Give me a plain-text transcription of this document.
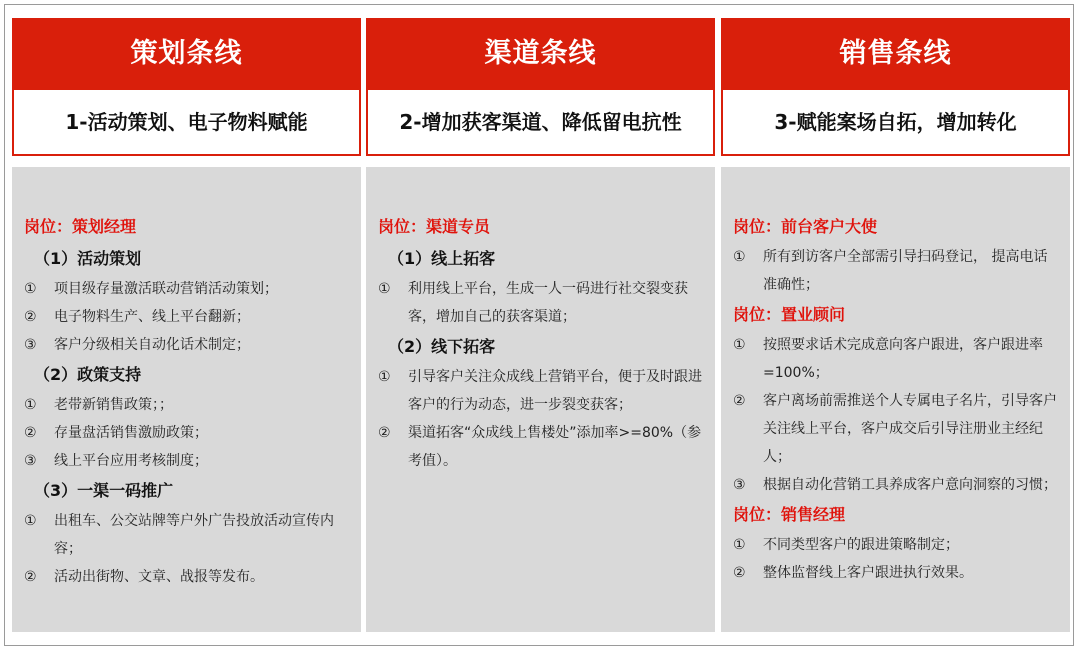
策划条线
1-活动策划、电子物料赋能
岗位：策划经理
（1）活动策划
①	项目级存量激活联动营销活动策划；
②	电子物料生产、线上平台翻新；
③	客户分级相关自动化话术制定；
（2）政策支持
①	老带新销售政策；；
②	存量盘活销售激励政策；
③	线上平台应用考核制度；
（3）一渠一码推广
①	出租车、公交站牌等户外广告投放活动宣传内容；
②	活动出街物、文章、战报等发布。
渠道条线
2-增加获客渠道、降低留电抗性
岗位：渠道专员
（1）线上拓客
①	利用线上平台，生成一人一码进行社交裂变获客，增加自己的获客渠道；
（2）线下拓客
①	引导客户关注众成线上营销平台，便于及时跟进客户的行为动态，进一步裂变获客；
②	渠道拓客“众成线上售楼处”添加率>=80%（参考值）。
销售条线
3-赋能案场自拓，增加转化
岗位：前台客户大使
①	所有到访客户全部需引导扫码登记， 提高电话准确性；
岗位：置业顾问
①	按照要求话术完成意向客户跟进，客户跟进率=100%；
②	客户离场前需推送个人专属电子名片，引导客户关注线上平台，客户成交后引导注册业主经纪人；
③	根据自动化营销工具养成客户意向洞察的习惯；
岗位：销售经理
①	不同类型客户的跟进策略制定；
②	整体监督线上客户跟进执行效果。
